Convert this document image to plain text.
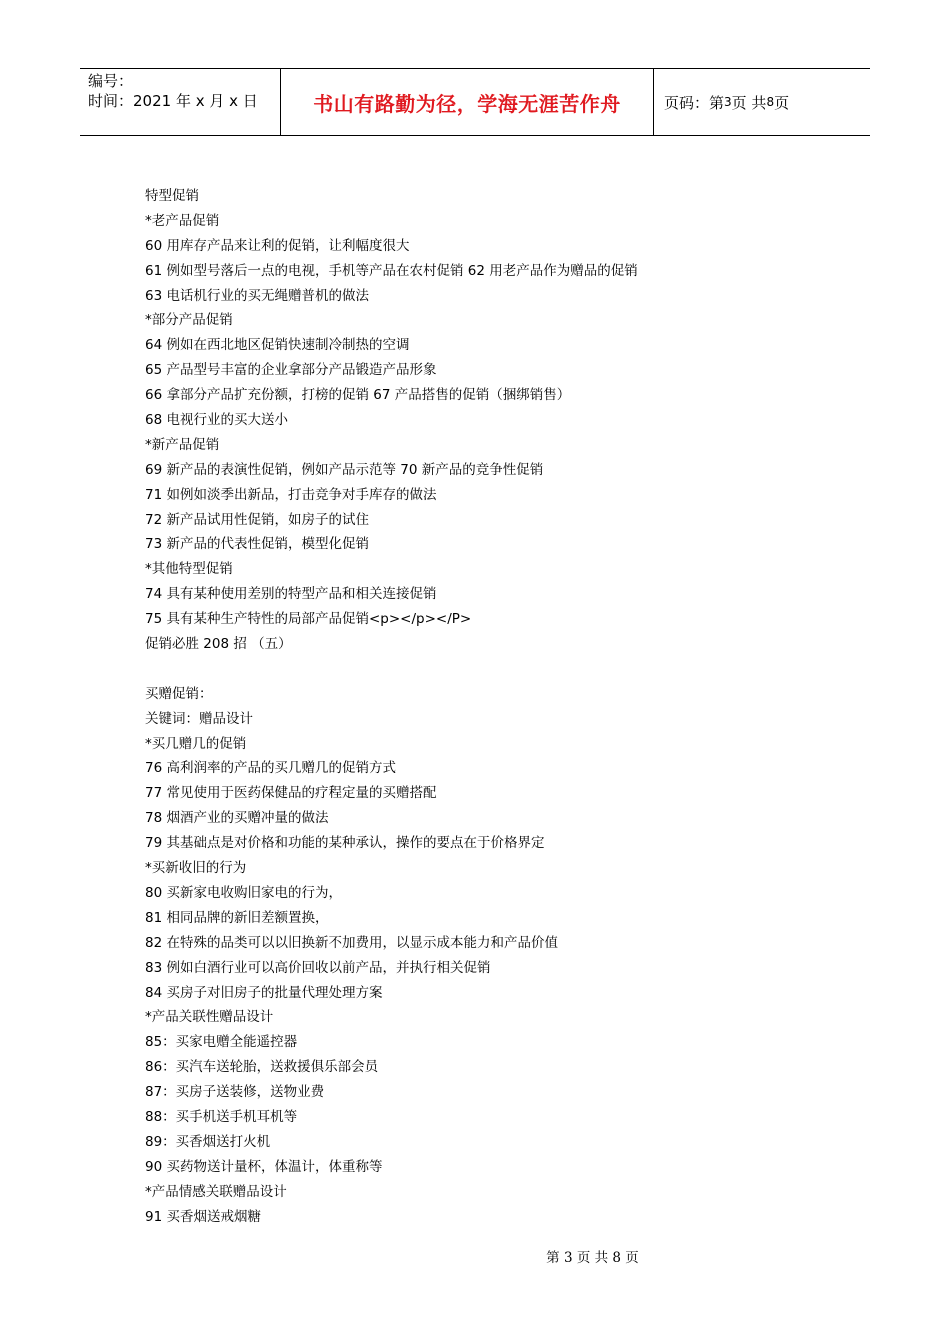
编号：
时间：2021 年 x 月 x 日	书山有路勤为径，学海无涯苦作舟	页码：第 3 页 共 8 页
特型促销
*老产品促销
60 用库存产品来让利的促销，让利幅度很大
61 例如型号落后一点的电视，手机等产品在农村促销 62 用老产品作为赠品的促销
63 电话机行业的买无绳赠普机的做法
*部分产品促销
64 例如在西北地区促销快速制冷制热的空调
65 产品型号丰富的企业拿部分产品锻造产品形象
66 拿部分产品扩充份额，打榜的促销 67 产品搭售的促销（捆绑销售）
68 电视行业的买大送小
*新产品促销
69 新产品的表演性促销，例如产品示范等 70 新产品的竞争性促销
71 如例如淡季出新品，打击竞争对手库存的做法
72 新产品试用性促销，如房子的试住
73 新产品的代表性促销，模型化促销
*其他特型促销
74 具有某种使用差别的特型产品和相关连接促销
75 具有某种生产特性的局部产品促销<p></p></P>
促销必胜 208 招 （五）
买赠促销：
关键词：赠品设计
*买几赠几的促销
76 高利润率的产品的买几赠几的促销方式
77 常见使用于医药保健品的疗程定量的买赠搭配
78 烟酒产业的买赠冲量的做法
79 其基础点是对价格和功能的某种承认，操作的要点在于价格界定
*买新收旧的行为
80 买新家电收购旧家电的行为，
81 相同品牌的新旧差额置换，
82 在特殊的品类可以以旧换新不加费用，以显示成本能力和产品价值
83 例如白酒行业可以高价回收以前产品，并执行相关促销
84 买房子对旧房子的批量代理处理方案
*产品关联性赠品设计
85：买家电赠全能遥控器
86：买汽车送轮胎，送救援俱乐部会员
87：买房子送装修，送物业费
88：买手机送手机耳机等
89：买香烟送打火机
90 买药物送计量杯，体温计，体重称等
*产品情感关联赠品设计
91 买香烟送戒烟糖
第 3 页 共 8 页
